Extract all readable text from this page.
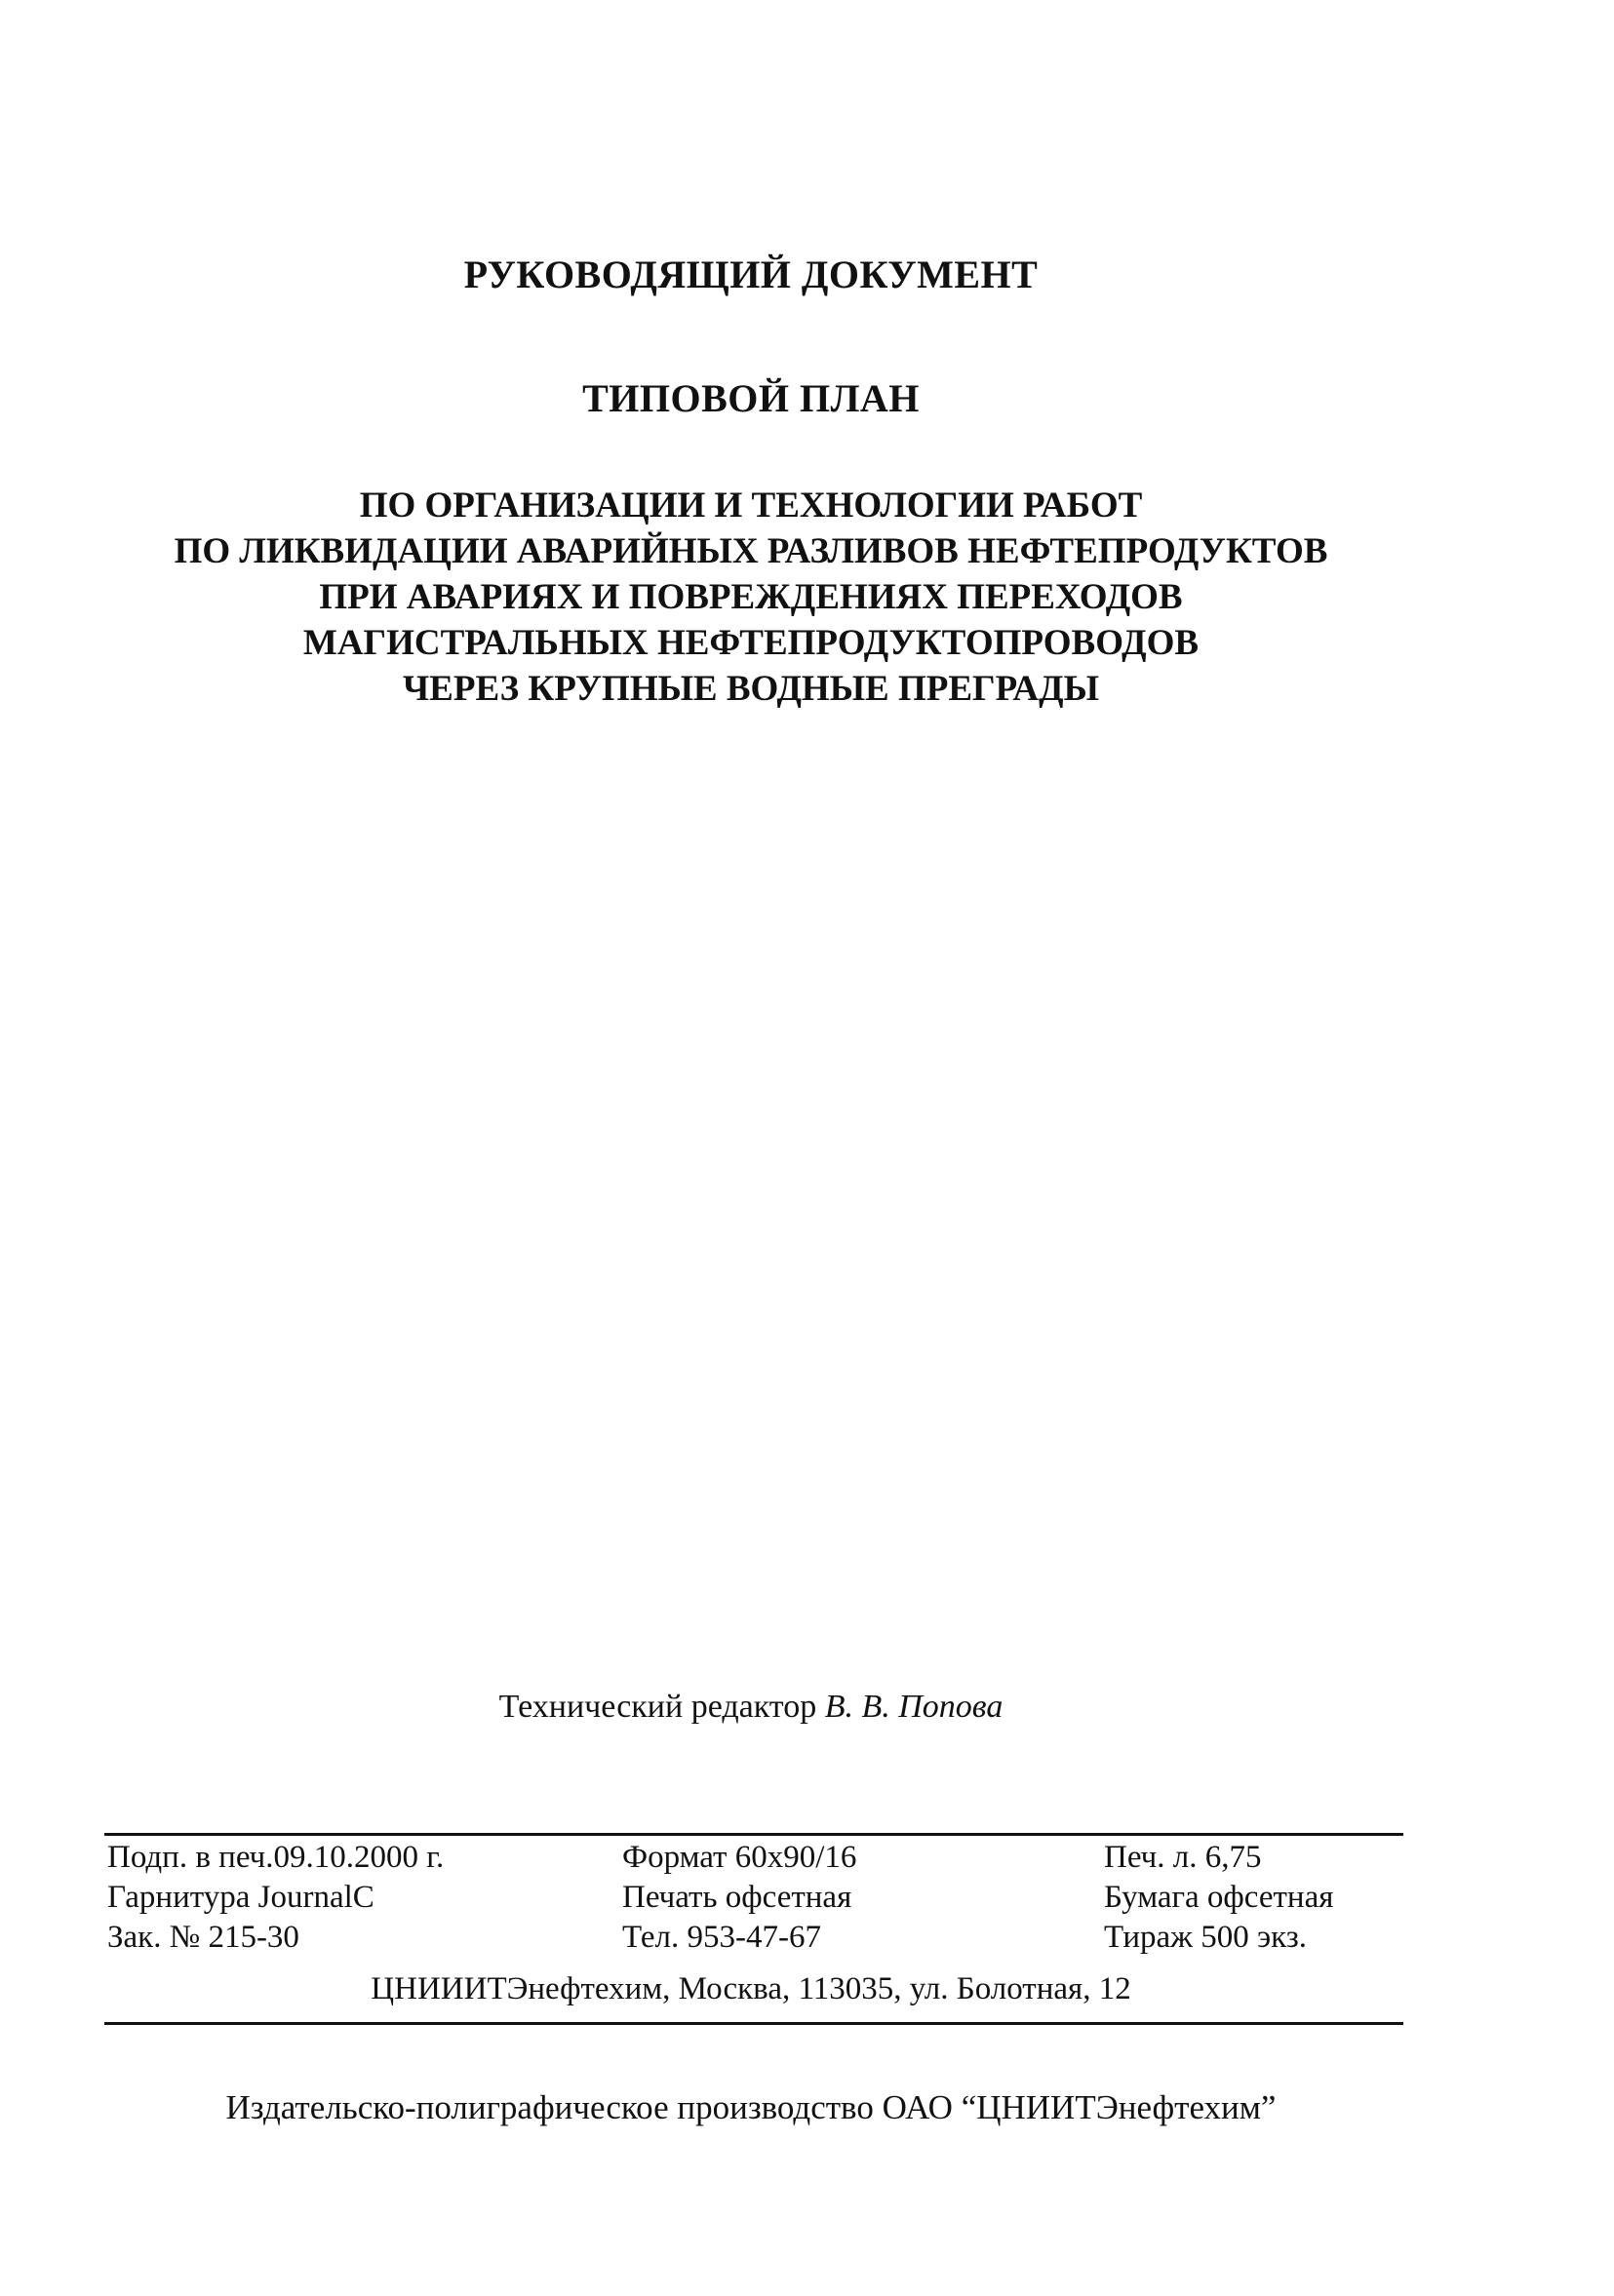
РУКОВОДЯЩИЙ ДОКУМЕНТ
ТИПОВОЙ ПЛАН
ПО ОРГАНИЗАЦИИ И ТЕХНОЛОГИИ РАБОТ
ПО ЛИКВИДАЦИИ АВАРИЙНЫХ РАЗЛИВОВ НЕФТЕПРОДУКТОВ
ПРИ АВАРИЯХ И ПОВРЕЖДЕНИЯХ ПЕРЕХОДОВ
МАГИСТРАЛЬНЫХ НЕФТЕПРОДУКТОПРОВОДОВ
ЧЕРЕЗ КРУПНЫЕ ВОДНЫЕ ПРЕГРАДЫ
Технический редактор В. В. Попова
Подп. в печ.09.10.2000 г.	Формат 60х90/16	Печ. л. 6,75
Гарнитура JournalC	Печать офсетная	Бумага офсетная
Зак. № 215-30	Тел. 953-47-67	Тираж 500 экз.
ЦНИИИТЭнефтехим, Москва, 113035, ул. Болотная, 12
Издательско-полиграфическое производство ОАО “ЦНИИТЭнефтехим”
